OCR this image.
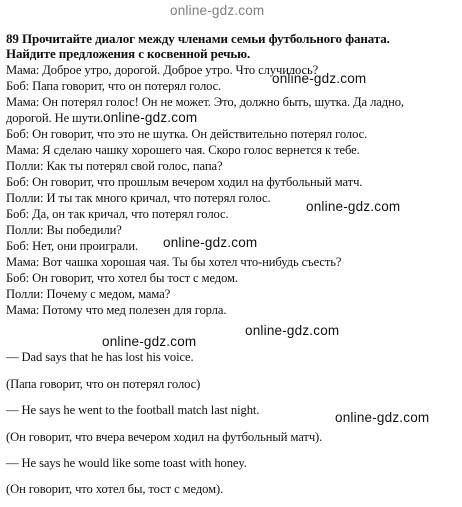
online-gdz.com
89 Прочитайте диалог между членами семьи футбольного фаната.
Найдите предложения с косвенной речью.
Мама: Доброе утро, дорогой. Доброе утро. Что случилось?
Боб: Папа говорит, что он потерял голос.
Мама: Он потерял голос! Он не может. Это, должно быть, шутка. Да ладно,
дорогой. Не шути.
Боб: Он говорит, что это не шутка. Он действительно потерял голос.
Мама: Я сделаю чашку хорошего чая. Скоро голос вернется к тебе.
Полли: Как ты потерял свой голос, папа?
Боб: Он говорит, что прошлым вечером ходил на футбольный матч.
Полли: И ты так много кричал, что потерял голос.
Боб: Да, он так кричал, что потерял голос.
Полли: Вы победили?
Боб: Нет, они проиграли.
Мама: Вот чашка хорошая чая. Ты бы хотел что-нибудь съесть?
Боб: Он говорит, что хотел бы тост с медом.
Полли: Почему с медом, мама?
Мама: Потому что мед полезен для горла.
— Dad says that he has lost his voice.
(Папа говорит, что он потерял голос)
— He says he went to the football match last night.
(Он говорит, что вчера вечером ходил на футбольный матч).
— He says he would like some toast with honey.
(Он говорит, что хотел бы, тост с медом).
online-gdz.com
online-gdz.com
online-gdz.com
online-gdz.com
online-gdz.com
online-gdz.com
online-gdz.com
